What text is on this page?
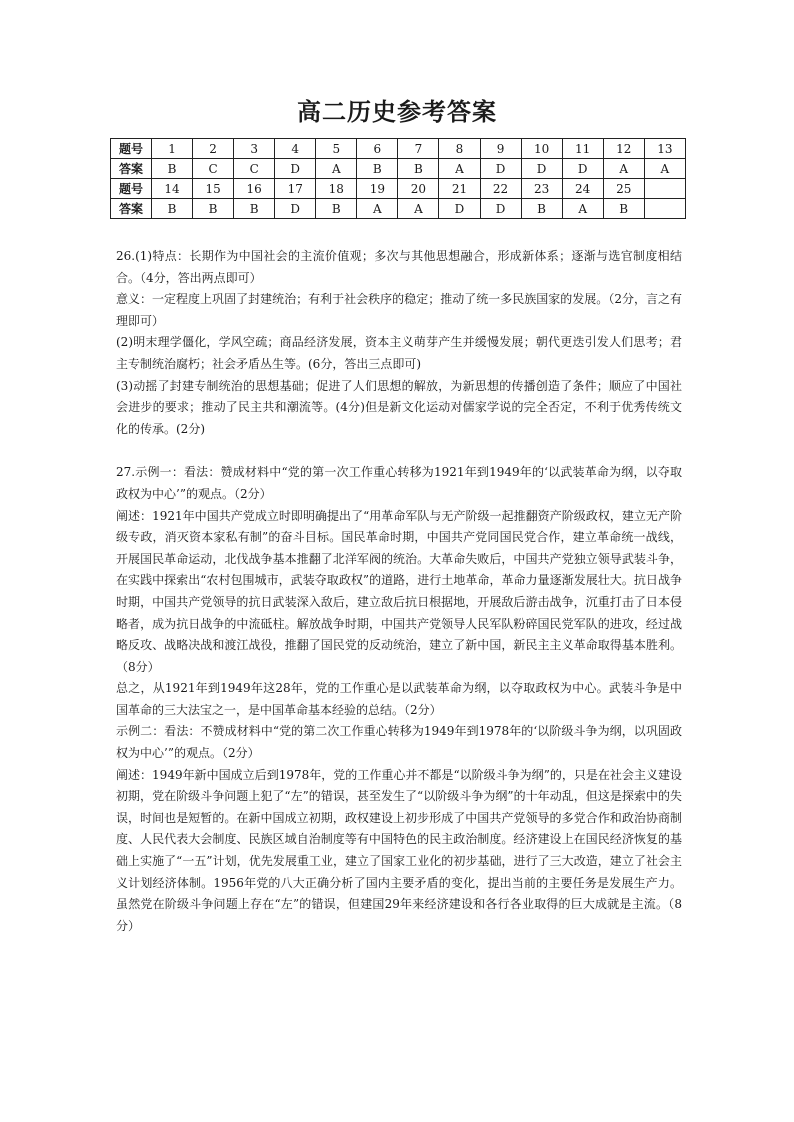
高二历史参考答案
题号	1	2	3	4	5	6	7	8	9	10	11	12	13
答案	B	C	C	D	A	B	B	A	D	D	D	A	A
题号	14	15	16	17	18	19	20	21	22	23	24	25	
答案	B	B	B	D	B	A	A	D	D	B	A	B	

26.(1)特点：长期作为中国社会的主流价值观；多次与其他思想融合，形成新体系；逐渐与选官制度相结合。（4分，答出两点即可）

意义：一定程度上巩固了封建统治；有利于社会秩序的稳定；推动了统一多民族国家的发展。（2分，言之有理即可）

(2)明末理学僵化，学风空疏；商品经济发展，资本主义萌芽产生并缓慢发展；朝代更迭引发人们思考；君主专制统治腐朽；社会矛盾丛生等。(6分，答出三点即可)

(3)动摇了封建专制统治的思想基础；促进了人们思想的解放，为新思想的传播创造了条件；顺应了中国社会进步的要求；推动了民主共和潮流等。(4分)但是新文化运动对儒家学说的完全否定，不利于优秀传统文化的传承。(2分)

27.示例一：看法：赞成材料中“党的第一次工作重心转移为1921年到1949年的‘以武装革命为纲，以夺取政权为中心’”的观点。（2分）

阐述：1921年中国共产党成立时即明确提出了“用革命军队与无产阶级一起推翻资产阶级政权，建立无产阶级专政，消灭资本家私有制”的奋斗目标。国民革命时期，中国共产党同国民党合作，建立革命统一战线，开展国民革命运动，北伐战争基本推翻了北洋军阀的统治。大革命失败后，中国共产党独立领导武装斗争，在实践中探索出“农村包围城市，武装夺取政权”的道路，进行土地革命，革命力量逐渐发展壮大。抗日战争时期，中国共产党领导的抗日武装深入敌后，建立敌后抗日根据地，开展敌后游击战争，沉重打击了日本侵略者，成为抗日战争的中流砥柱。解放战争时期，中国共产党领导人民军队粉碎国民党军队的进攻，经过战略反攻、战略决战和渡江战役，推翻了国民党的反动统治，建立了新中国，新民主主义革命取得基本胜利。（8分）

总之，从1921年到1949年这28年，党的工作重心是以武装革命为纲，以夺取政权为中心。武装斗争是中国革命的三大法宝之一，是中国革命基本经验的总结。（2分）

示例二：看法：不赞成材料中“党的第二次工作重心转移为1949年到1978年的‘以阶级斗争为纲，以巩固政权为中心’”的观点。（2分）

阐述：1949年新中国成立后到1978年，党的工作重心并不都是“以阶级斗争为纲”的，只是在社会主义建设初期，党在阶级斗争问题上犯了“左”的错误，甚至发生了“以阶级斗争为纲”的十年动乱，但这是探索中的失误，时间也是短暂的。在新中国成立初期，政权建设上初步形成了中国共产党领导的多党合作和政治协商制度、人民代表大会制度、民族区域自治制度等有中国特色的民主政治制度。经济建设上在国民经济恢复的基础上实施了“一五”计划，优先发展重工业，建立了国家工业化的初步基础，进行了三大改造，建立了社会主义计划经济体制。1956年党的八大正确分析了国内主要矛盾的变化，提出当前的主要任务是发展生产力。虽然党在阶级斗争问题上存在“左”的错误，但建国29年来经济建设和各行各业取得的巨大成就是主流。（8分）
